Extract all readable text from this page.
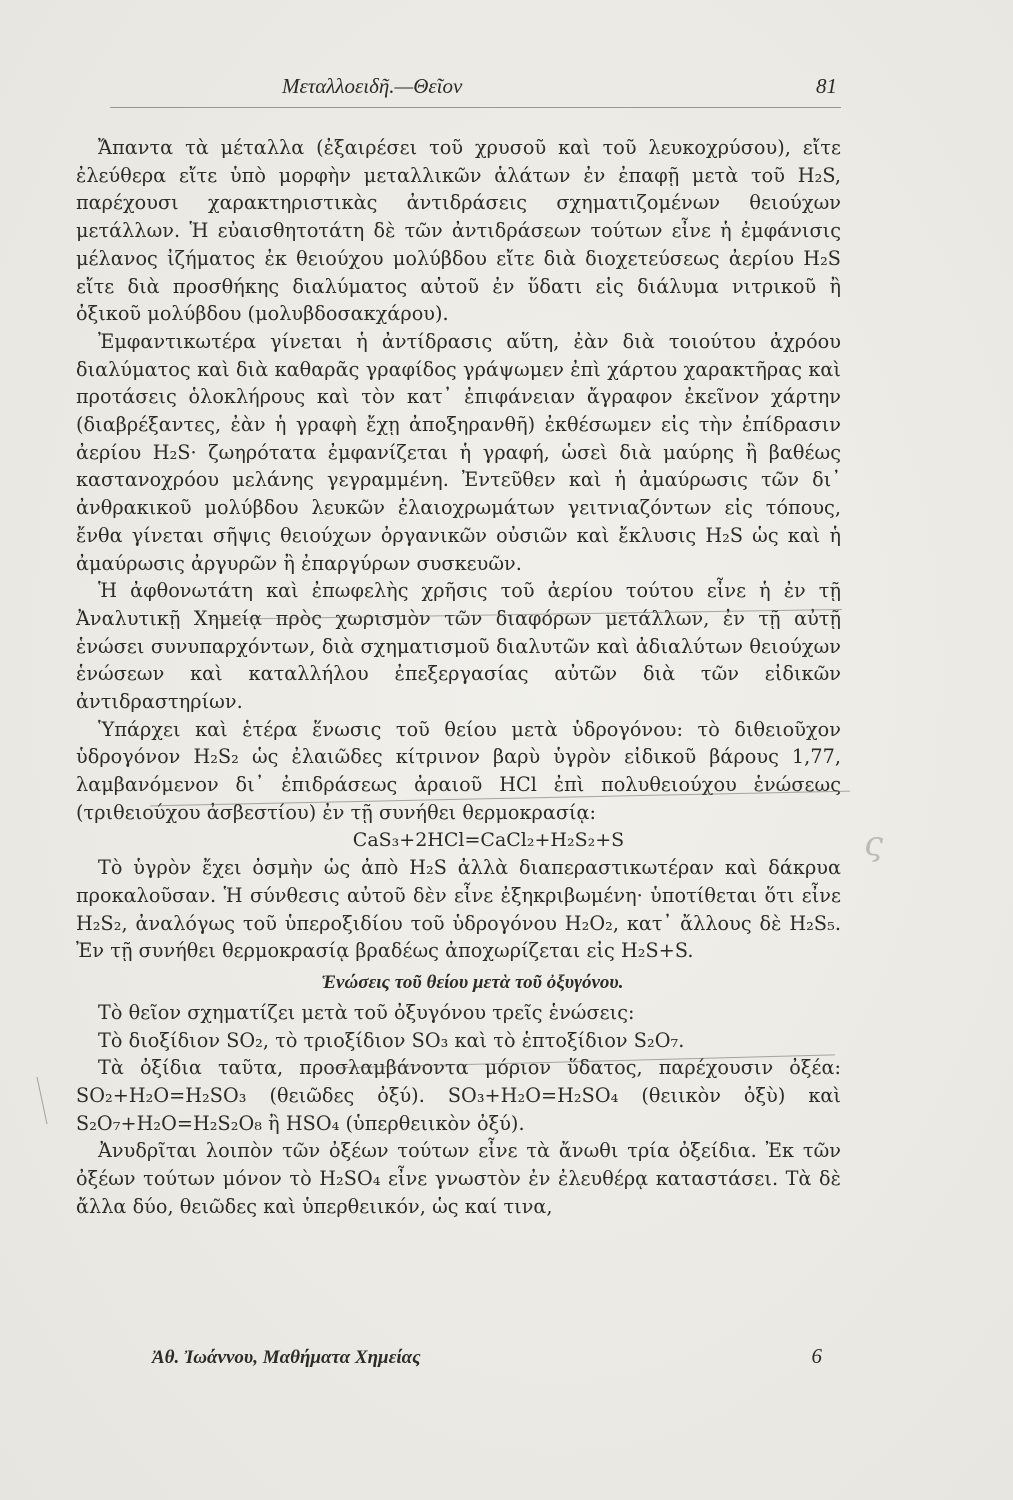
Μεταλλοειδῆ.—Θεῖον	81

Ἄπαντα τὰ μέταλλα (ἐξαιρέσει τοῦ χρυσοῦ καὶ τοῦ λευκοχρύσου), εἴτε ἐλεύθερα εἴτε ὑπὸ μορφὴν μεταλλικῶν ἁλάτων ἐν ἐπαφῇ μετὰ τοῦ H₂S, παρέχουσι χαρακτηριστικὰς ἀντιδράσεις σχηματιζομένων θειούχων μετάλλων. Ἡ εὐαισθητοτάτη δὲ τῶν ἀντιδράσεων τούτων εἶνε ἡ ἐμφάνισις μέλανος ἰζήματος ἐκ θειούχου μολύβδου εἴτε διὰ διοχετεύσεως ἀερίου H₂S εἴτε διὰ προσθήκης διαλύματος αὐτοῦ ἐν ὕδατι εἰς διάλυμα νιτρικοῦ ἢ ὀξικοῦ μολύβδου (μολυβδοσακχάρου).

Ἐμφαντικωτέρα γίνεται ἡ ἀντίδρασις αὕτη, ἐὰν διὰ τοιούτου ἀχρόου διαλύματος καὶ διὰ καθαρᾶς γραφίδος γράψωμεν ἐπὶ χάρτου χαρακτῆρας καὶ προτάσεις ὁλοκλήρους καὶ τὸν κατ᾽ ἐπιφάνειαν ἄγραφον ἐκεῖνον χάρτην (διαβρέξαντες, ἐὰν ἡ γραφὴ ἔχῃ ἀποξηρανθῆ) ἐκθέσωμεν εἰς τὴν ἐπίδρασιν ἀερίου H₂S· ζωηρότατα ἐμφανίζεται ἡ γραφή, ὡσεὶ διὰ μαύρης ἢ βαθέως καστανοχρόου μελάνης γεγραμμένη. Ἐντεῦθεν καὶ ἡ ἀμαύρωσις τῶν δι᾽ ἀνθρακικοῦ μολύβδου λευκῶν ἐλαιοχρωμάτων γειτνιαζόντων εἰς τόπους, ἔνθα γίνεται σῆψις θειούχων ὀργανικῶν οὐσιῶν καὶ ἔκλυσις H₂S ὡς καὶ ἡ ἀμαύρωσις ἀργυρῶν ἢ ἐπαργύρων συσκευῶν.

Ἡ ἀφθονωτάτη καὶ ἐπωφελὴς χρῆσις τοῦ ἀερίου τούτου εἶνε ἡ ἐν τῇ Ἀναλυτικῇ Χημείᾳ πρὸς χωρισμὸν τῶν διαφόρων μετάλλων, ἐν τῇ αὐτῇ ἑνώσει συνυπαρχόντων, διὰ σχηματισμοῦ διαλυτῶν καὶ ἀδιαλύτων θειούχων ἑνώσεων καὶ καταλλήλου ἐπεξεργασίας αὐτῶν διὰ τῶν εἰδικῶν ἀντιδραστηρίων.

Ὑπάρχει καὶ ἑτέρα ἕνωσις τοῦ θείου μετὰ ὑδρογόνου: τὸ διθειοῦχον ὑδρογόνον H₂S₂ ὡς ἐλαιῶδες κίτρινον βαρὺ ὑγρὸν εἰδικοῦ βάρους 1,77, λαμβανόμενον δι᾽ ἐπιδράσεως ἀραιοῦ HCl ἐπὶ πολυθειούχου ἑνώσεως (τριθειούχου ἀσβεστίου) ἐν τῇ συνήθει θερμοκρασίᾳ:

CaS₃+2HCl=CaCl₂+H₂S₂+S

Τὸ ὑγρὸν ἔχει ὀσμὴν ὡς ἀπὸ H₂S ἀλλὰ διαπεραστικωτέραν καὶ δάκρυα προκαλοῦσαν. Ἡ σύνθεσις αὐτοῦ δὲν εἶνε ἐξηκριβωμένη· ὑποτίθεται ὅτι εἶνε H₂S₂, ἀναλόγως τοῦ ὑπεροξιδίου τοῦ ὑδρογόνου H₂O₂, κατ᾽ ἄλλους δὲ H₂S₅. Ἐν τῇ συνήθει θερμοκρασίᾳ βραδέως ἀποχωρίζεται εἰς H₂S+S.

Ἑνώσεις τοῦ θείου μετὰ τοῦ ὀξυγόνου.

Τὸ θεῖον σχηματίζει μετὰ τοῦ ὀξυγόνου τρεῖς ἑνώσεις:

Τὸ διοξίδιον SO₂, τὸ τριοξίδιον SO₃ καὶ τὸ ἑπτοξίδιον S₂O₇.

Τὰ ὀξίδια ταῦτα, προσλαμβάνοντα μόριον ὕδατος, παρέχουσιν ὀξέα: SO₂+H₂O=H₂SO₃ (θειῶδες ὀξύ). SO₃+H₂O=H₂SO₄ (θειικὸν ὀξὺ) καὶ S₂O₇+H₂O=H₂S₂O₈ ἢ HSO₄ (ὑπερθειικὸν ὀξύ).

Ἀνυδρῖται λοιπὸν τῶν ὀξέων τούτων εἶνε τὰ ἄνωθι τρία ὀξείδια. Ἐκ τῶν ὀξέων τούτων μόνον τὸ H₂SO₄ εἶνε γνωστὸν ἐν ἐλευθέρᾳ καταστάσει. Τὰ δὲ ἄλλα δύο, θειῶδες καὶ ὑπερθειικόν, ὡς καί τινα,

ς
Ἀθ. Ἰωάννου, Μαθήματα Χημείας	6
